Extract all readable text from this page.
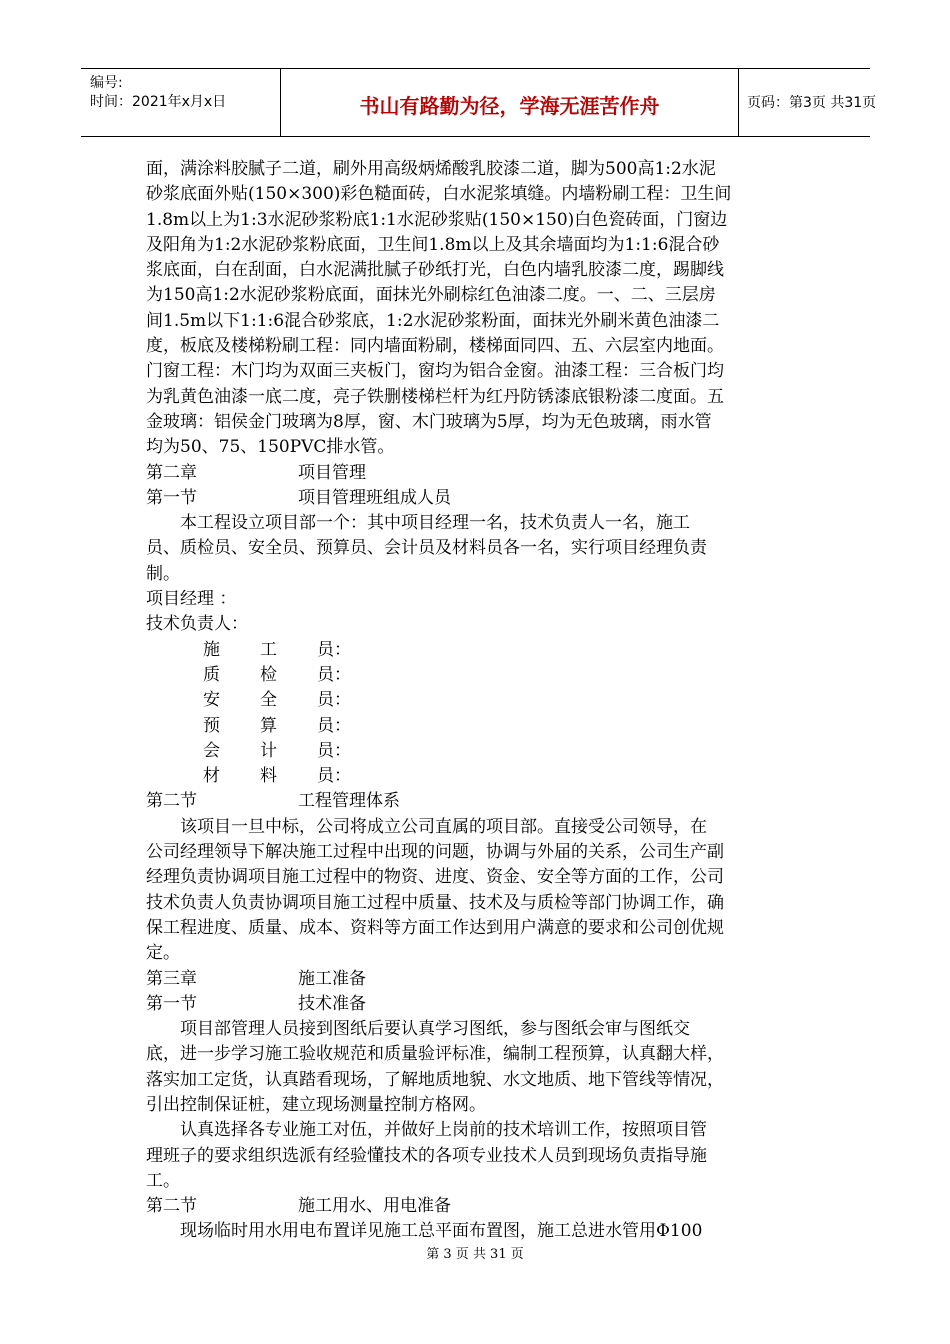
编号:
时间：2021年x月x日	书山有路勤为径，学海无涯苦作舟	页码：第3页 共31页

面，满涂料胶腻子二道，刷外用高级炳烯酸乳胶漆二道，脚为500高1:2水泥

砂浆底面外贴(150×300)彩色糙面砖，白水泥浆填缝。内墙粉刷工程：卫生间

1.8m以上为1:3水泥砂浆粉底1:1水泥砂浆贴(150×150)白色瓷砖面，门窗边

及阳角为1:2水泥砂浆粉底面，卫生间1.8m以上及其余墙面均为1:1:6混合砂

浆底面，白在刮面，白水泥满批腻子砂纸打光，白色内墙乳胶漆二度，踢脚线

为150高1:2水泥砂浆粉底面，面抹光外刷棕红色油漆二度。一、二、三层房

间1.5m以下1:1:6混合砂浆底，1:2水泥砂浆粉面，面抹光外刷米黄色油漆二

度，板底及楼梯粉刷工程：同内墙面粉刷，楼梯面同四、五、六层室内地面。

门窗工程：木门均为双面三夹板门，窗均为铝合金窗。油漆工程：三合板门均

为乳黄色油漆一底二度，亮子铁删楼梯栏杆为红丹防锈漆底银粉漆二度面。五

金玻璃：铝侯金门玻璃为8厚，窗、木门玻璃为5厚，均为无色玻璃，雨水管

均为50、75、150PVC排水管。

第二章	项目管理

第一节	项目管理班组成人员

　　本工程设立项目部一个：其中项目经理一名，技术负责人一名，施工

员、质检员、安全员、预算员、会计员及材料员各一名，实行项目经理负责

制。

项目经理 ：

技术负责人：

施 工 员：

质 检 员：

安 全 员：

预 算 员：

会 计 员：

材 料 员：

第二节	工程管理体系

　　该项目一旦中标，公司将成立公司直属的项目部。直接受公司领导，在

公司经理领导下解决施工过程中出现的问题，协调与外届的关系，公司生产副

经理负责协调项目施工过程中的物资、进度、资金、安全等方面的工作，公司

技术负责人负责协调项目施工过程中质量、技术及与质检等部门协调工作，确

保工程进度、质量、成本、资料等方面工作达到用户满意的要求和公司创优规

定。

第三章	施工准备

第一节	技术准备

　　项目部管理人员接到图纸后要认真学习图纸，参与图纸会审与图纸交

底，进一步学习施工验收规范和质量验评标准，编制工程预算，认真翻大样，

落实加工定货，认真踏看现场，了解地质地貌、水文地质、地下管线等情况，

引出控制保证桩，建立现场测量控制方格网。

　　认真选择各专业施工对伍，并做好上岗前的技术培训工作，按照项目管

理班子的要求组织选派有经验懂技术的各项专业技术人员到现场负责指导施

工。

第二节	施工用水、用电准备

　　现场临时用水用电布置详见施工总平面布置图，施工总进水管用Φ100

第 3 页 共 31 页
